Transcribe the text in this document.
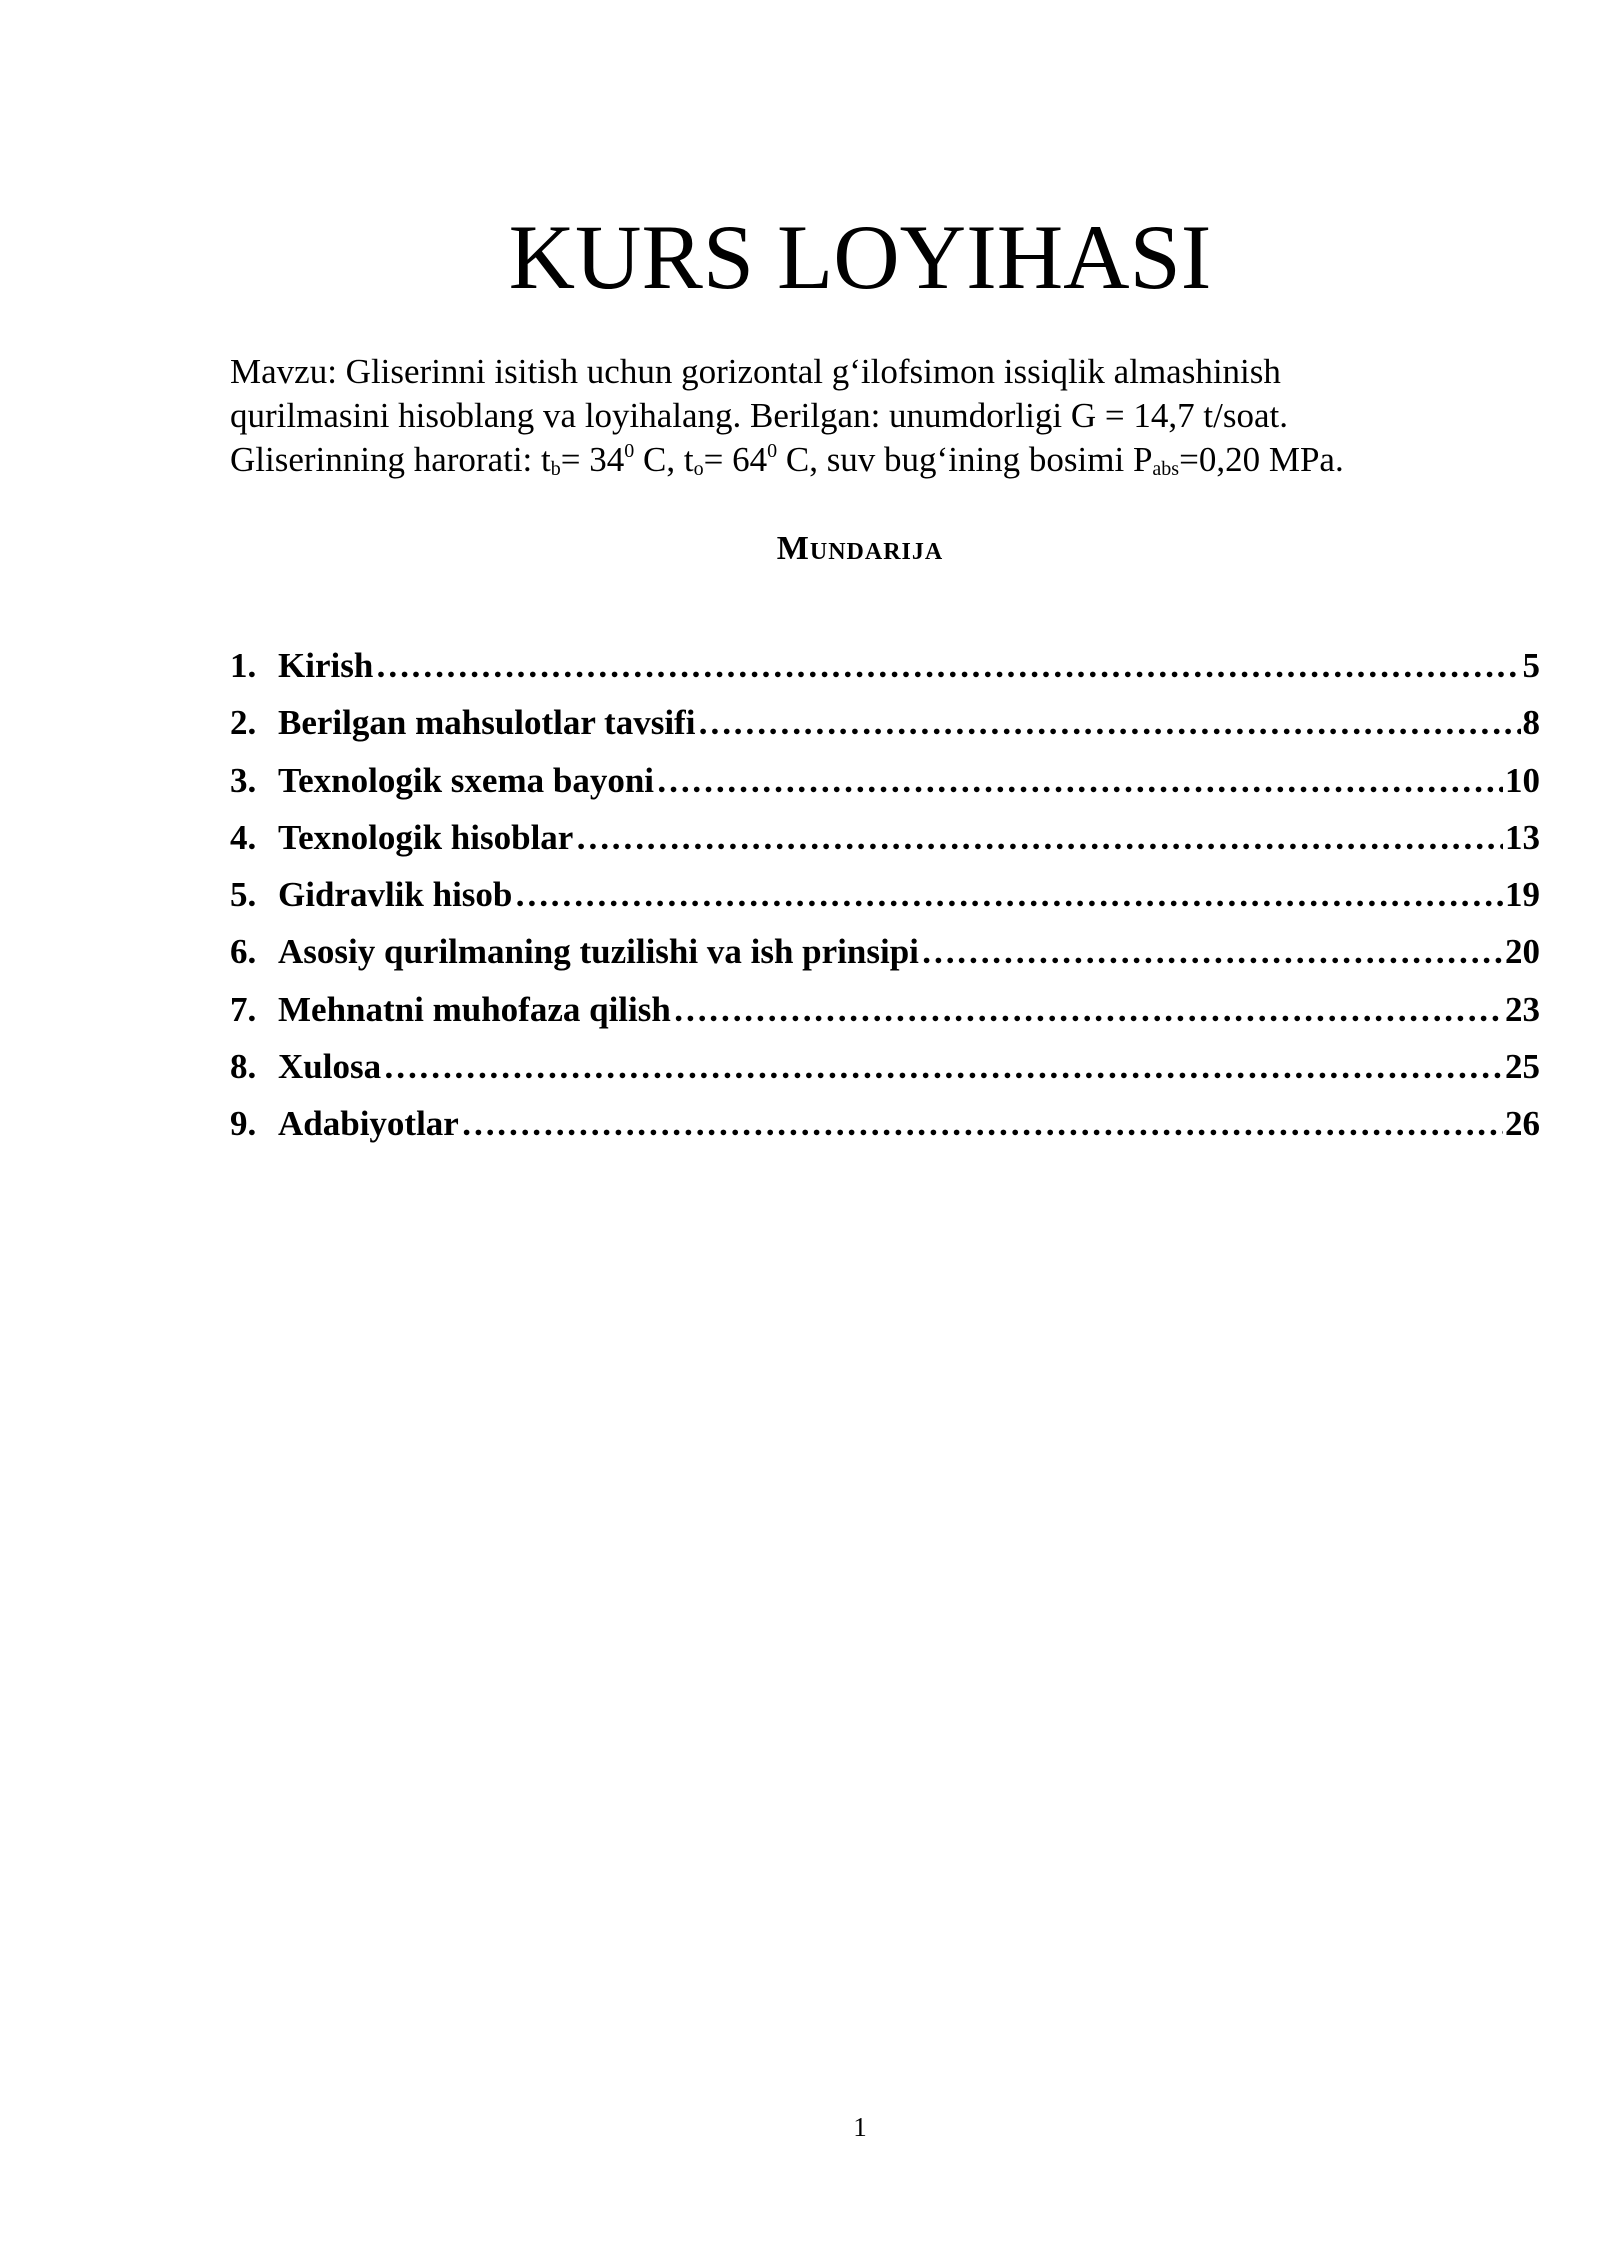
KURS LOYIHASI
Mavzu: Gliserinni isitish uchun gorizontal g‘ilofsimon issiqlik almashinish
qurilmasini hisoblang va loyihalang. Berilgan: unumdorligi G = 14,7 t/soat.
Gliserinning harorati: $t_b= 34^0$ C, $t_o= 64^0$ C, suv bug‘ining bosimi $P_{abs}=0,20$ MPa.
Mundarija
1. Kirish …………………………………………………………………………………………………………………………………………………………………………………………………………………………………………	5
2. Berilgan mahsulotlar tavsifi …………………………………………………………………………………………………………………………………………………………………………………………………………………………………………	8
3. Texnologik sxema bayoni …………………………………………………………………………………………………………………………………………………………………………………………………………………………………………	10
4. Texnologik hisoblar …………………………………………………………………………………………………………………………………………………………………………………………………………………………………………	13
5. Gidravlik hisob …………………………………………………………………………………………………………………………………………………………………………………………………………………………………………	19
6. Asosiy qurilmaning tuzilishi va ish prinsipi …………………………………………………………………………………………………………………………………………………………………………………………………………………………………………	20
7. Mehnatni muhofaza qilish …………………………………………………………………………………………………………………………………………………………………………………………………………………………………………	23
8. Xulosa …………………………………………………………………………………………………………………………………………………………………………………………………………………………………………	25
9. Adabiyotlar …………………………………………………………………………………………………………………………………………………………………………………………………………………………………………	26
1
